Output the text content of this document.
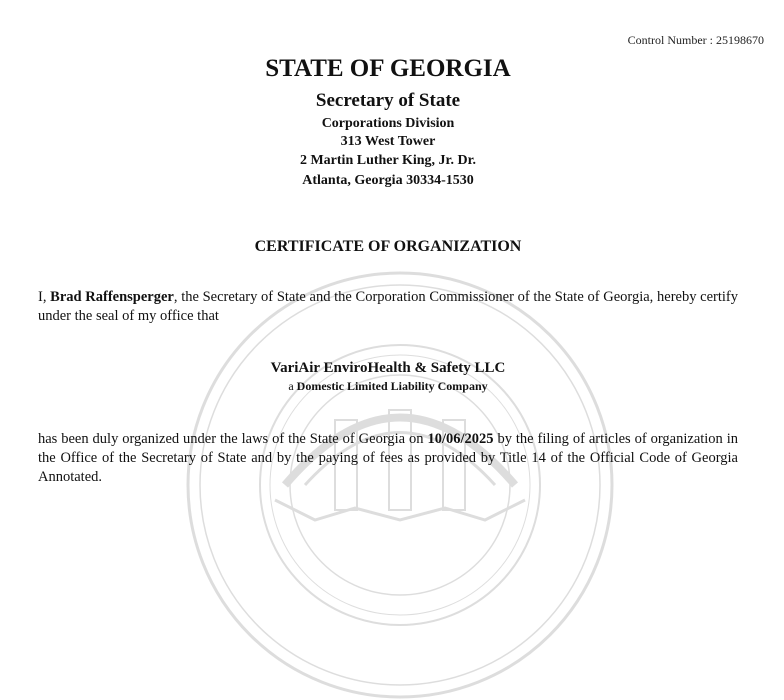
Control Number : 25198670
STATE OF GEORGIA
Secretary of State
Corporations Division
313 West Tower
2 Martin Luther King, Jr. Dr.
Atlanta, Georgia 30334-1530
CERTIFICATE OF ORGANIZATION
I, Brad Raffensperger, the Secretary of State and the Corporation Commissioner of the State of Georgia, hereby certify under the seal of my office that
VariAir EnviroHealth & Safety LLC
a Domestic Limited Liability Company
has been duly organized under the laws of the State of Georgia on 10/06/2025 by the filing of articles of organization in the Office of the Secretary of State and by the paying of fees as provided by Title 14 of the Official Code of Georgia Annotated.
